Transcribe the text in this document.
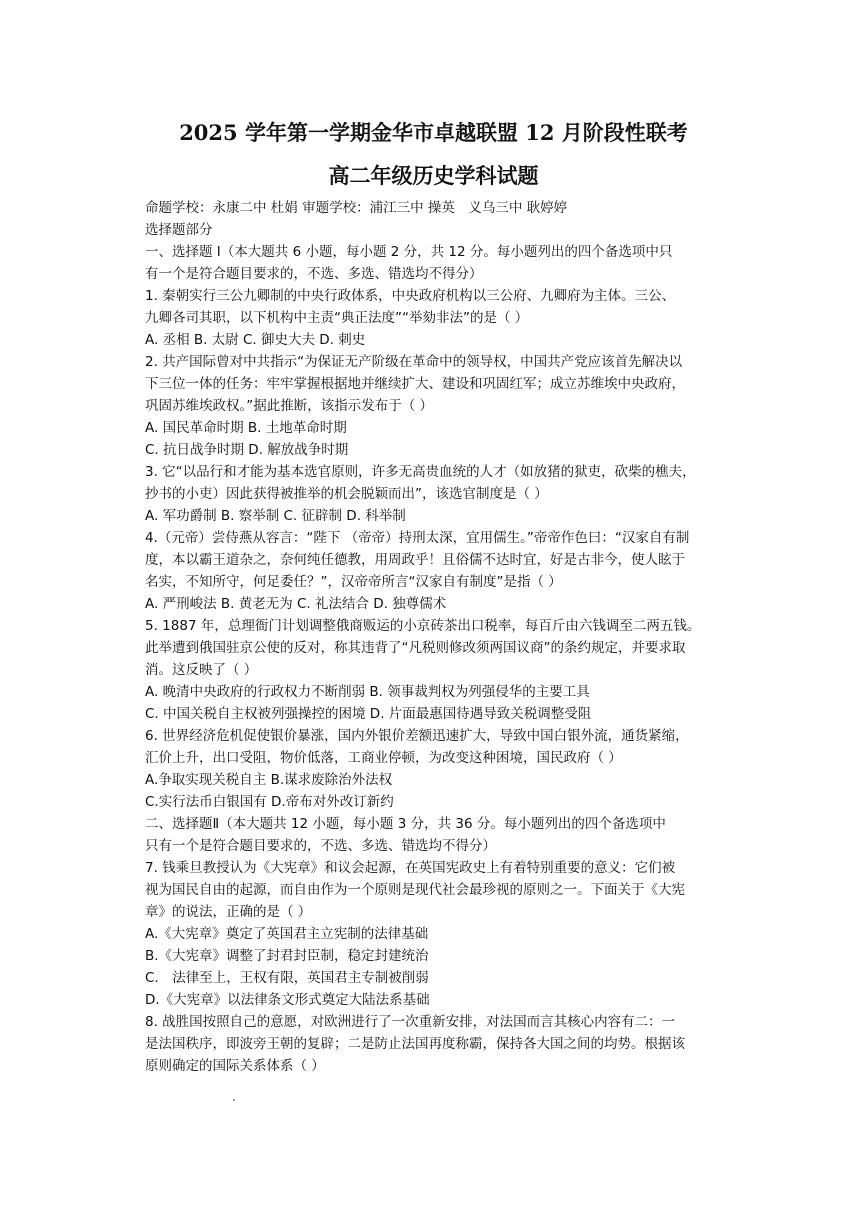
2025 学年第一学期金华市卓越联盟 12 月阶段性联考
高二年级历史学科试题
命题学校：永康二中 杜娟 审题学校：浦江三中 操英　义乌三中 耿婷婷
选择题部分
一、选择题 I（本大题共 6 小题，每小题 2 分，共 12 分。每小题列出的四个备选项中只
有一个是符合题目要求的，不选、多选、错选均不得分）
1. 秦朝实行三公九卿制的中央行政体系，中央政府机构以三公府、九卿府为主体。三公、
九卿各司其职，以下机构中主责“典正法度”“举劾非法”的是（ ）
A. 丞相 B. 太尉 C. 御史大夫 D. 刺史
2. 共产国际曾对中共指示“为保证无产阶级在革命中的领导权，中国共产党应该首先解决以
下三位一体的任务：牢牢掌握根据地并继续扩大、建设和巩固红军；成立苏维埃中央政府，
巩固苏维埃政权。”据此推断，该指示发布于（ ）
A. 国民革命时期 B. 土地革命时期
C. 抗日战争时期 D. 解放战争时期
3. 它“以品行和才能为基本选官原则，许多无高贵血统的人才（如放猪的狱吏，砍柴的樵夫，
抄书的小吏）因此获得被推举的机会脱颖而出”，该选官制度是（ ）
A. 军功爵制 B. 察举制 C. 征辟制 D. 科举制
4.（元帝）尝侍燕从容言：“陛下 （帝帝）持刑太深，宜用儒生。”帝帝作色曰：“汉家自有制
度，本以霸王道杂之，奈何纯任德教，用周政乎！且俗儒不达时宜，好是古非今，使人眩于
名实，不知所守，何足委任？”，汉帝帝所言“汉家自有制度”是指（ ）
A. 严刑峻法 B. 黄老无为 C. 礼法结合 D. 独尊儒术
5. 1887 年，总理衙门计划调整俄商贩运的小京砖茶出口税率，每百斤由六钱调至二两五钱。
此举遭到俄国驻京公使的反对，称其违背了“凡税则修改须两国议商”的条约规定，并要求取
消。这反映了（ ）
A. 晚清中央政府的行政权力不断削弱 B. 领事裁判权为列强侵华的主要工具
C. 中国关税自主权被列强操控的困境 D. 片面最惠国待遇导致关税调整受阻
6. 世界经济危机促使银价暴涨，国内外银价差额迅速扩大，导致中国白银外流，通货紧缩，
汇价上升，出口受阻，物价低落，工商业停顿，为改变这种困境，国民政府（ ）
A.争取实现关税自主 B.谋求废除治外法权
C.实行法币白银国有 D.帝布对外改订新约
二、选择题Ⅱ（本大题共 12 小题，每小题 3 分，共 36 分。每小题列出的四个备选项中
只有一个是符合题目要求的，不选、多选、错选均不得分）
7. 钱乘旦教授认为《大宪章》和议会起源，在英国宪政史上有着特别重要的意义：它们被
视为国民自由的起源，而自由作为一个原则是现代社会最珍视的原则之一。下面关于《大宪
章》的说法，正确的是（ ）
A.《大宪章》奠定了英国君主立宪制的法律基础
B.《大宪章》调整了封君封臣制，稳定封建统治
C.　法律至上，王权有限，英国君主专制被削弱
D.《大宪章》以法律条文形式奠定大陆法系基础
8. 战胜国按照自己的意愿，对欧洲进行了一次重新安排，对法国而言其核心内容有二：一
是法国秩序，即波旁王朝的复辟；二是防止法国再度称霸，保持各大国之间的均势。根据该
原则确定的国际关系体系（ ）
